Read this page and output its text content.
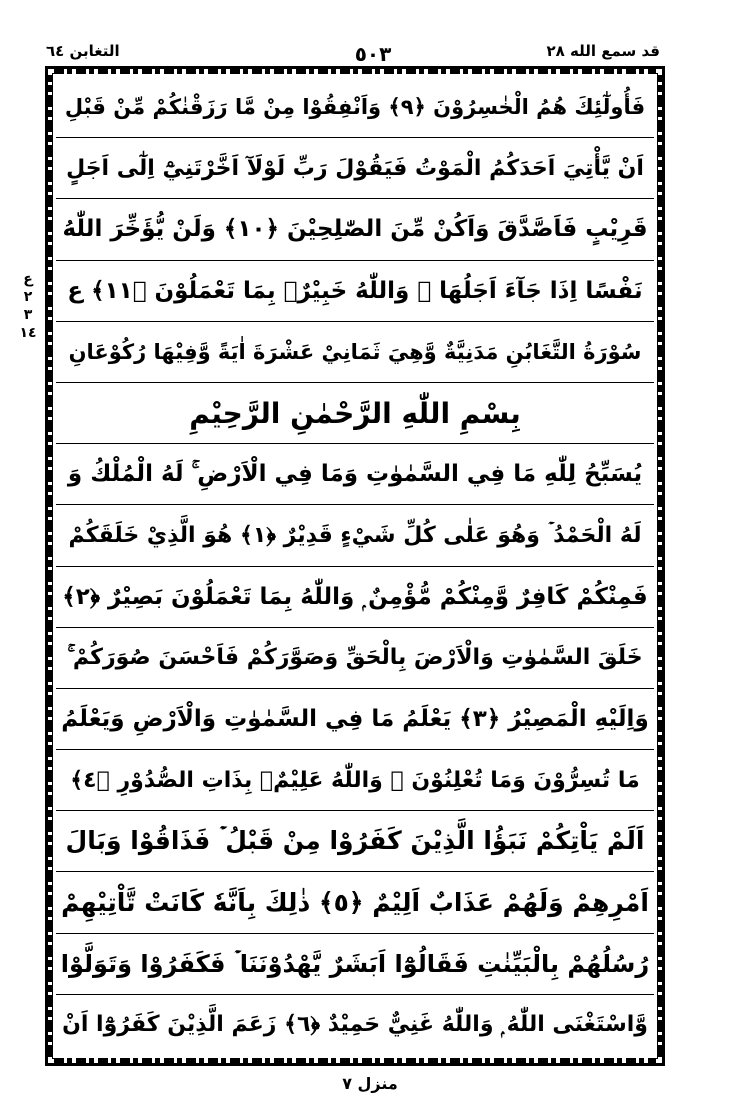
التغابن ٦٤	٥٠٣	قد سمع الله ٢٨
ع ٢ ٣ ١٤
فَأُولٰٓئِكَ هُمُ الْخٰسِرُوْنَ ﴿٩﴾ وَاَنْفِقُوْا مِنْ مَّا رَزَقْنٰكُمْ مِّنْ قَبْلِ
اَنْ يَّأْتِيَ اَحَدَكُمُ الْمَوْتُ فَيَقُوْلَ رَبِّ لَوْلَآ اَخَّرْتَنِيْٓ اِلٰٓى اَجَلٍ
قَرِيْبٍ فَاَصَّدَّقَ وَاَكُنْ مِّنَ الصّٰلِحِيْنَ ﴿١٠﴾ وَلَنْ يُّؤَخِّرَ اللّٰهُ
نَفْسًا اِذَا جَآءَ اَجَلُهَا ۭ وَاللّٰهُ خَبِيْرٌۢ بِمَا تَعْمَلُوْنَ ﴿١١﴾ ع
سُوْرَةُ التَّغَابُنِ مَدَنِيَّةٌ وَّهِيَ ثَمَانِيْ عَشْرَةَ اٰيَةً وَّفِيْهَا رُكُوْعَانِ
بِسْمِ اللّٰهِ الرَّحْمٰنِ الرَّحِيْمِ
يُسَبِّحُ لِلّٰهِ مَا فِي السَّمٰوٰتِ وَمَا فِي الْاَرْضِ ۚ لَهُ الْمُلْكُ وَ
لَهُ الْحَمْدُ ۡ وَهُوَ عَلٰى كُلِّ شَيْءٍ قَدِيْرٌ ﴿١﴾ هُوَ الَّذِيْ خَلَقَكُمْ
فَمِنْكُمْ كَافِرٌ وَّمِنْكُمْ مُّؤْمِنٌ ۭ وَاللّٰهُ بِمَا تَعْمَلُوْنَ بَصِيْرٌ ﴿٢﴾
خَلَقَ السَّمٰوٰتِ وَالْاَرْضَ بِالْحَقِّ وَصَوَّرَكُمْ فَاَحْسَنَ صُوَرَكُمْ ۚ
وَاِلَيْهِ الْمَصِيْرُ ﴿٣﴾ يَعْلَمُ مَا فِي السَّمٰوٰتِ وَالْاَرْضِ وَيَعْلَمُ
مَا تُسِرُّوْنَ وَمَا تُعْلِنُوْنَ ۭ وَاللّٰهُ عَلِيْمٌۢ بِذَاتِ الصُّدُوْرِ ﴿٤﴾
اَلَمْ يَاْتِكُمْ نَبَؤُا الَّذِيْنَ كَفَرُوْا مِنْ قَبْلُ ۡ فَذَاقُوْا وَبَالَ
اَمْرِهِمْ وَلَهُمْ عَذَابٌ اَلِيْمٌ ﴿٥﴾ ذٰلِكَ بِاَنَّهٗ كَانَتْ تَّاْتِيْهِمْ
رُسُلُهُمْ بِالْبَيِّنٰتِ فَقَالُوْٓا اَبَشَرٌ يَّهْدُوْنَنَا ۡ فَكَفَرُوْا وَتَوَلَّوْا
وَّاسْتَغْنَى اللّٰهُ ۭ وَاللّٰهُ غَنِيٌّ حَمِيْدٌ ﴿٦﴾ زَعَمَ الَّذِيْنَ كَفَرُوْٓا اَنْ
منزل ٧
